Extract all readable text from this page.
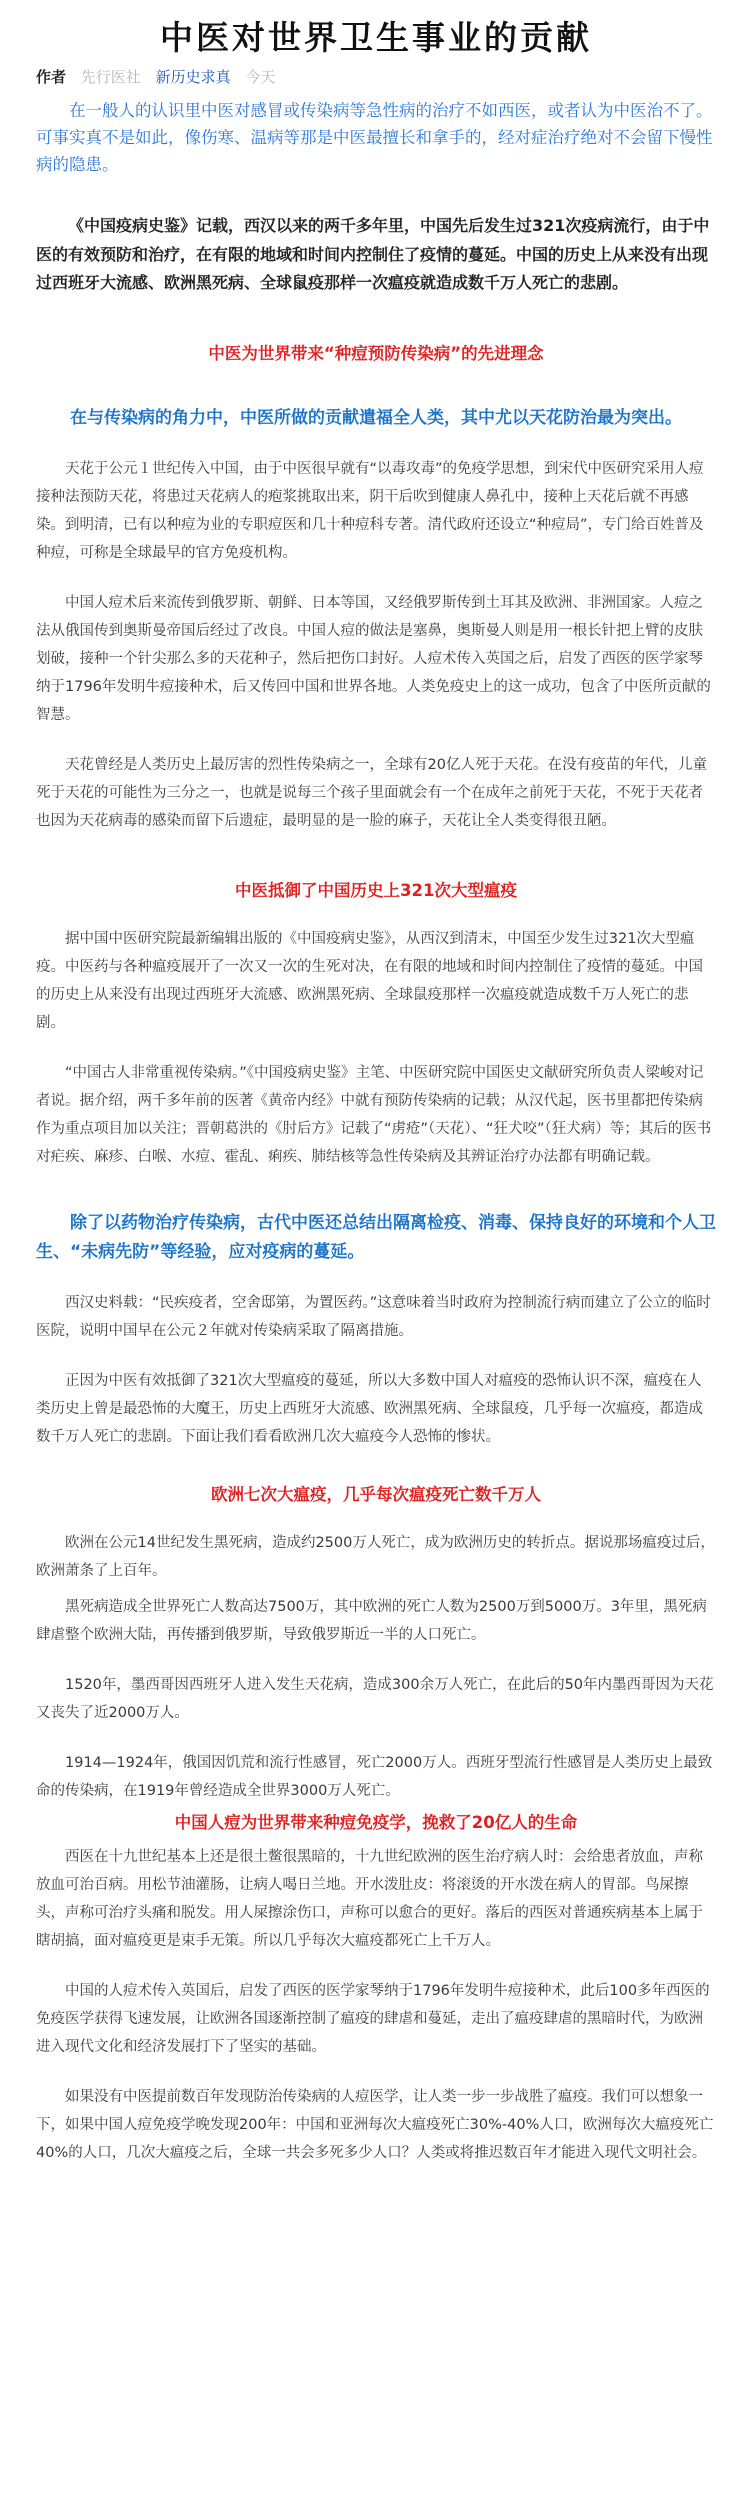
中医对世界卫生事业的贡献
作者 先行医社 新历史求真 今天

在一般人的认识里中医对感冒或传染病等急性病的治疗不如西医，或者认为中医治不了。可事实真不是如此，像伤寒、温病等那是中医最擅长和拿手的，经对症治疗绝对不会留下慢性病的隐患。

《中国疫病史鉴》记载，西汉以来的两千多年里，中国先后发生过321次疫病流行，由于中医的有效预防和治疗，在有限的地域和时间内控制住了疫情的蔓延。中国的历史上从来没有出现过西班牙大流感、欧洲黑死病、全球鼠疫那样一次瘟疫就造成数千万人死亡的悲剧。

中医为世界带来“种痘预防传染病”的先进理念
在与传染病的角力中，中医所做的贡献遣福全人类，其中尤以天花防治最为突出。

天花于公元１世纪传入中国，由于中医很早就有“以毒攻毒”的免疫学思想，到宋代中医研究采用人痘接种法预防天花，将患过天花病人的疱浆挑取出来，阴干后吹到健康人鼻孔中，接种上天花后就不再感染。到明清，已有以种痘为业的专职痘医和几十种痘科专著。清代政府还设立“种痘局”，专门给百姓普及种痘，可称是全球最早的官方免疫机构。

中国人痘术后来流传到俄罗斯、朝鲜、日本等国，又经俄罗斯传到土耳其及欧洲、非洲国家。人痘之法从俄国传到奥斯曼帝国后经过了改良。中国人痘的做法是塞鼻，奥斯曼人则是用一根长针把上臂的皮肤划破，接种一个针尖那么多的天花种子，然后把伤口封好。人痘术传入英国之后，启发了西医的医学家琴纳于1796年发明牛痘接种术，后又传回中国和世界各地。人类免疫史上的这一成功，包含了中医所贡献的智慧。

天花曾经是人类历史上最厉害的烈性传染病之一，全球有20亿人死于天花。在没有疫苗的年代，儿童死于天花的可能性为三分之一，也就是说每三个孩子里面就会有一个在成年之前死于天花，不死于天花者也因为天花病毒的感染而留下后遗症，最明显的是一脸的麻子，天花让全人类变得很丑陋。

中医抵御了中国历史上321次大型瘟疫

据中国中医研究院最新编辑出版的《中国疫病史鉴》，从西汉到清末，中国至少发生过321次大型瘟疫。中医药与各种瘟疫展开了一次又一次的生死对决，在有限的地域和时间内控制住了疫情的蔓延。中国的历史上从来没有出现过西班牙大流感、欧洲黑死病、全球鼠疫那样一次瘟疫就造成数千万人死亡的悲剧。

“中国古人非常重视传染病。”《中国疫病史鉴》主笔、中医研究院中国医史文献研究所负责人梁峻对记者说。据介绍，两千多年前的医著《黄帝内经》中就有预防传染病的记载；从汉代起，医书里都把传染病作为重点项目加以关注；晋朝葛洪的《肘后方》记载了“虏疮”（天花）、“狂犬咬”（狂犬病）等；其后的医书对疟疾、麻疹、白喉、水痘、霍乱、痢疾、肺结核等急性传染病及其辨证治疗办法都有明确记载。

除了以药物治疗传染病，古代中医还总结出隔离检疫、消毒、保持良好的环境和个人卫生、“未病先防”等经验，应对疫病的蔓延。

西汉史料载：“民疾疫者，空舍邸第，为置医药。”这意味着当时政府为控制流行病而建立了公立的临时医院，说明中国早在公元２年就对传染病采取了隔离措施。

正因为中医有效抵御了321次大型瘟疫的蔓延，所以大多数中国人对瘟疫的恐怖认识不深，瘟疫在人类历史上曾是最恐怖的大魔王，历史上西班牙大流感、欧洲黑死病、全球鼠疫，几乎每一次瘟疫，都造成数千万人死亡的悲剧。下面让我们看看欧洲几次大瘟疫今人恐怖的惨状。

欧洲七次大瘟疫，几乎每次瘟疫死亡数千万人

欧洲在公元14世纪发生黑死病，造成约2500万人死亡，成为欧洲历史的转折点。据说那场瘟疫过后，欧洲萧条了上百年。

黑死病造成全世界死亡人数高达7500万，其中欧洲的死亡人数为2500万到5000万。3年里，黑死病肆虐整个欧洲大陆，再传播到俄罗斯，导致俄罗斯近一半的人口死亡。

1520年，墨西哥因西班牙人进入发生天花病，造成300余万人死亡，在此后的50年内墨西哥因为天花又丧失了近2000万人。

1914—1924年，俄国因饥荒和流行性感冒，死亡2000万人。西班牙型流行性感冒是人类历史上最致命的传染病，在1919年曾经造成全世界3000万人死亡。

中国人痘为世界带来种痘免疫学，挽救了20亿人的生命

西医在十九世纪基本上还是很土鳖很黑暗的，十九世纪欧洲的医生治疗病人时：会给患者放血，声称放血可治百病。用松节油灌肠，让病人喝日兰地。开水泼肚皮：将滚烫的开水泼在病人的胃部。鸟屎擦头，声称可治疗头痛和脱发。用人屎擦涂伤口，声称可以愈合的更好。落后的西医对普通疾病基本上属于瞎胡搞，面对瘟疫更是束手无策。所以几乎每次大瘟疫都死亡上千万人。

中国的人痘术传入英国后，启发了西医的医学家琴纳于1796年发明牛痘接种术，此后100多年西医的免疫医学获得飞速发展，让欧洲各国逐渐控制了瘟疫的肆虐和蔓延，走出了瘟疫肆虐的黑暗时代，为欧洲进入现代文化和经济发展打下了坚实的基础。

如果没有中医提前数百年发现防治传染病的人痘医学，让人类一步一步战胜了瘟疫。我们可以想象一下，如果中国人痘免疫学晚发现200年：中国和亚洲每次大瘟疫死亡30%-40%人口，欧洲每次大瘟疫死亡40%的人口，几次大瘟疫之后，全球一共会多死多少人口？人类或将推迟数百年才能进入现代文明社会。
